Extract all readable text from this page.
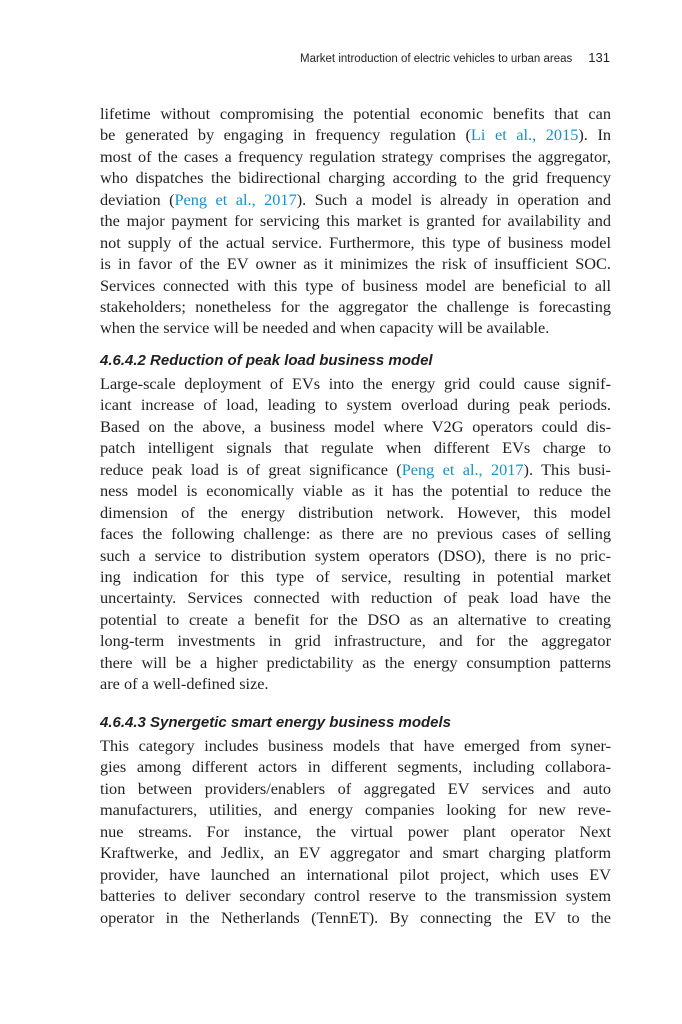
Market introduction of electric vehicles to urban areas 131
lifetime without compromising the potential economic benefits that can
be generated by engaging in frequency regulation (Li et al., 2015). In
most of the cases a frequency regulation strategy comprises the aggregator,
who dispatches the bidirectional charging according to the grid frequency
deviation (Peng et al., 2017). Such a model is already in operation and
the major payment for servicing this market is granted for availability and
not supply of the actual service. Furthermore, this type of business model
is in favor of the EV owner as it minimizes the risk of insufficient SOC.
Services connected with this type of business model are beneficial to all
stakeholders; nonetheless for the aggregator the challenge is forecasting
when the service will be needed and when capacity will be available.
4.6.4.2 Reduction of peak load business model
Large-scale deployment of EVs into the energy grid could cause signif-
icant increase of load, leading to system overload during peak periods.
Based on the above, a business model where V2G operators could dis-
patch intelligent signals that regulate when different EVs charge to
reduce peak load is of great significance (Peng et al., 2017). This busi-
ness model is economically viable as it has the potential to reduce the
dimension of the energy distribution network. However, this model
faces the following challenge: as there are no previous cases of selling
such a service to distribution system operators (DSO), there is no pric-
ing indication for this type of service, resulting in potential market
uncertainty. Services connected with reduction of peak load have the
potential to create a benefit for the DSO as an alternative to creating
long-term investments in grid infrastructure, and for the aggregator
there will be a higher predictability as the energy consumption patterns
are of a well-defined size.
4.6.4.3 Synergetic smart energy business models
This category includes business models that have emerged from syner-
gies among different actors in different segments, including collabora-
tion between providers/enablers of aggregated EV services and auto
manufacturers, utilities, and energy companies looking for new reve-
nue streams. For instance, the virtual power plant operator Next
Kraftwerke, and Jedlix, an EV aggregator and smart charging platform
provider, have launched an international pilot project, which uses EV
batteries to deliver secondary control reserve to the transmission system
operator in the Netherlands (TennET). By connecting the EV to the
